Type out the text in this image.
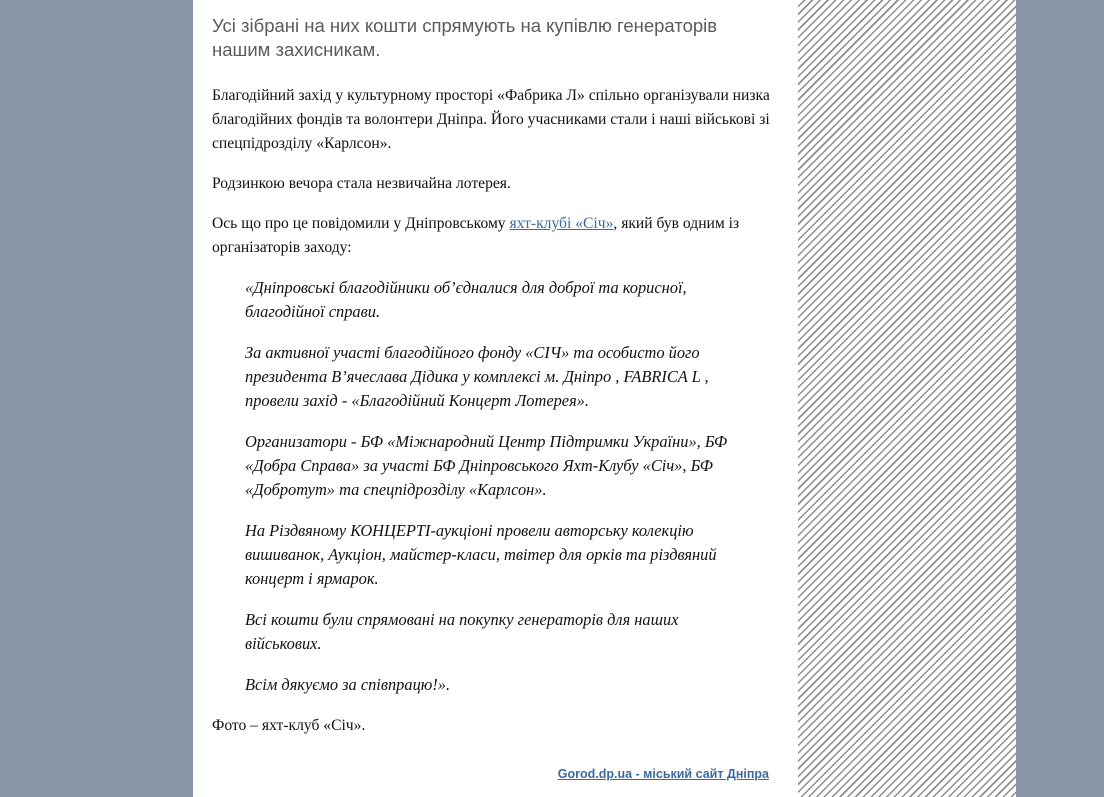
Усі зібрані на них кошти спрямують на купівлю генераторів нашим захисникам.

Благодійний захід у культурному просторі «Фабрика Л» спільно організували низка благодійних фондів та волонтери Дніпра. Його учасниками стали і наші військові зі спецпідрозділу «Карлсон».

Родзинкою вечора стала незвичайна лотерея.

Ось що про це повідомили у Дніпровському яхт-клубі «Січ», який був одним із організаторів заходу:

«Дніпровські благодійники об’єдналися для доброї та корисної, благодійної справи.

За активної участі благодійного фонду «СІЧ» та особисто його президента В’ячеслава Дідика у комплексі м. Дніпро , FABRICA L , провели захід - «Благодійний Концерт Лотерея».

Организатори - БФ «Міжнародний Центр Підтримки України», БФ «Добра Справа» за участі БФ Дніпровського Яхт-Клубу «Січ», БФ «Добротут» та спецпідрозділу «Карлсон».

На Різдвяному КОНЦЕРТІ-аукціоні провели авторську колекцію вишиванок, Аукціон, майстер-класи, твітер для орків та різдвяний концерт і ярмарок.

Всі кошти були спрямовані на покупку генераторів для наших військових.

Всім дякуємо за співпрацю!».

Фото – яхт-клуб «Січ».

Gorod.dp.ua - міський сайт Дніпра
